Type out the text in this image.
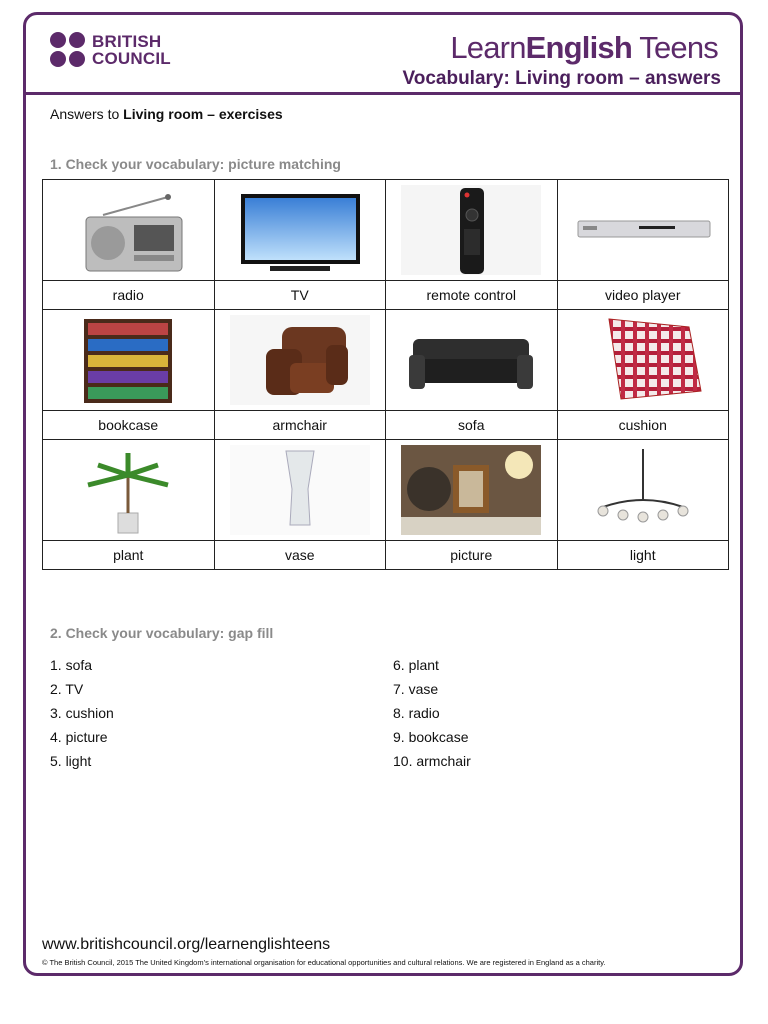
BRITISH
COUNCIL	LearnEnglish Teens
Vocabulary: Living room – answers
Answers to Living room – exercises
1. Check your vocabulary: picture matching

radio	TV	remote control	video player

bookcase	armchair	sofa	cushion

plant	vase	picture	light
2. Check your vocabulary: gap fill
1. sofa
2. TV
3. cushion
4. picture
5. light
6. plant
7. vase
8. radio
9. bookcase
10. armchair
www.britishcouncil.org/learnenglishteens
© The British Council, 2015 The United Kingdom’s international organisation for educational opportunities and cultural relations. We are registered in England as a charity.
